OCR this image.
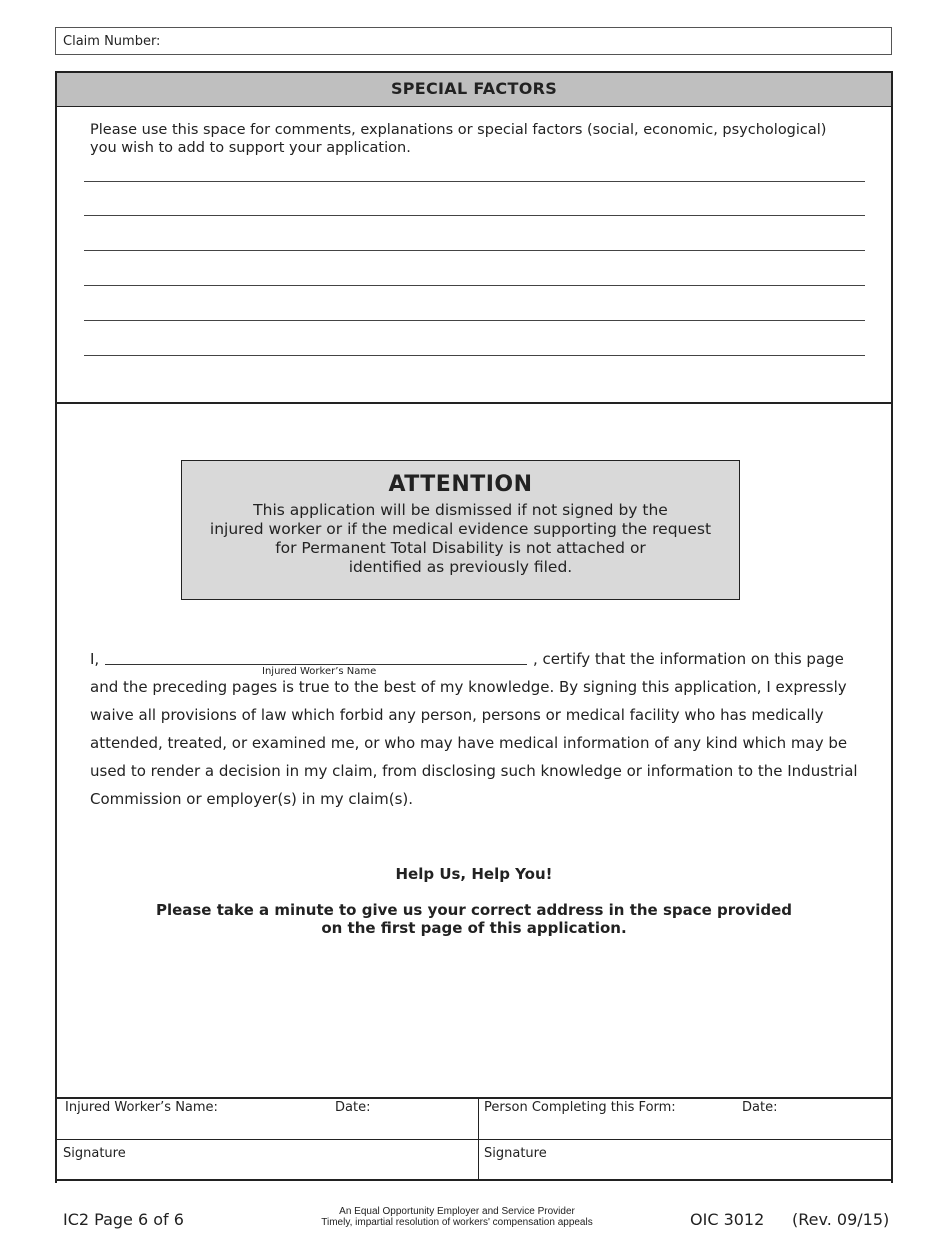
Claim Number:
SPECIAL FACTORS
Please use this space for comments, explanations or special factors (social, economic, psychological)
you wish to add to support your application.
ATTENTION
This application will be dismissed if not signed by the
injured worker or if the medical evidence supporting the request
for Permanent Total Disability is not attached or
identified as previously filed.
I,
Injured Worker’s Name
, certify that the information on this page
and the preceding pages is true to the best of my knowledge. By signing this application, I expressly
waive all provisions of law which forbid any person, persons or medical facility who has medically
attended, treated, or examined me, or who may have medical information of any kind which may be
used to render a decision in my claim, from disclosing such knowledge or information to the Industrial
Commission or employer(s) in my claim(s).
Help Us, Help You!
Please take a minute to give us your correct address in the space provided
on the first page of this application.
Injured Worker’s Name:	Date:	Person Completing this Form:	Date:
Signature	Signature
IC2 Page 6 of 6	An Equal Opportunity Employer and Service Provider
Timely, impartial resolution of workers' compensation appeals	OIC 3012 (Rev. 09/15)
